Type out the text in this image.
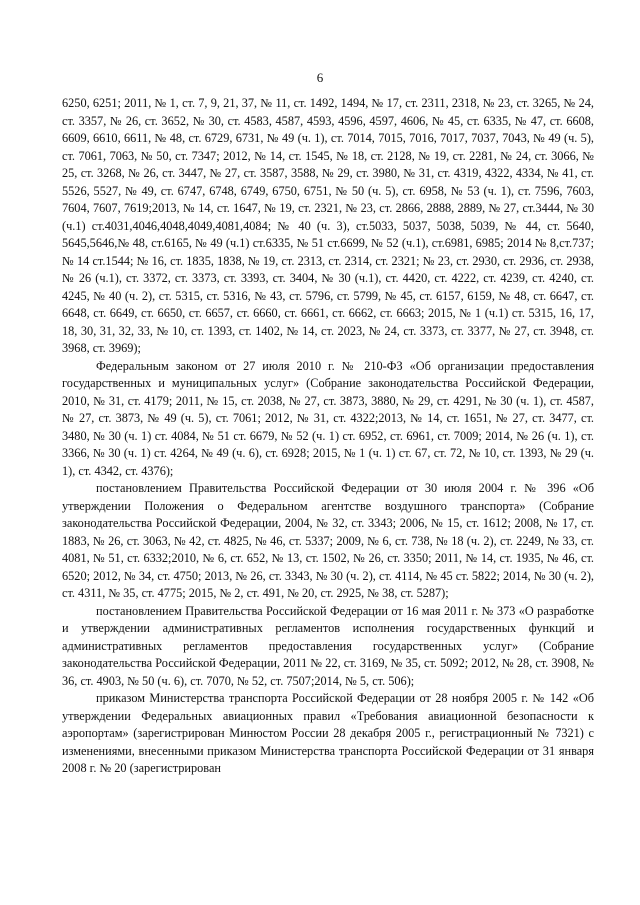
6

6250, 6251; 2011, № 1, ст. 7, 9, 21, 37, № 11, ст. 1492, 1494, № 17, ст. 2311, 2318, № 23, ст. 3265, № 24, ст. 3357, № 26, ст. 3652, № 30, ст. 4583, 4587, 4593, 4596, 4597, 4606, № 45, ст. 6335, № 47, ст. 6608, 6609, 6610, 6611, № 48, ст. 6729, 6731, № 49 (ч. 1), ст. 7014, 7015, 7016, 7017, 7037, 7043, № 49 (ч. 5), ст. 7061, 7063, № 50, ст. 7347; 2012, № 14, ст. 1545, № 18, ст. 2128, № 19, ст. 2281, № 24, ст. 3066, № 25, ст. 3268, № 26, ст. 3447, № 27, ст. 3587, 3588, № 29, ст. 3980, № 31, ст. 4319, 4322, 4334, № 41, ст. 5526, 5527, № 49, ст. 6747, 6748, 6749, 6750, 6751, № 50 (ч. 5), ст. 6958, № 53 (ч. 1), ст. 7596, 7603, 7604, 7607, 7619;2013, № 14, ст. 1647, № 19, ст. 2321, № 23, ст. 2866, 2888, 2889, № 27, ст.3444, № 30 (ч.1) ст.4031,4046,4048,4049,4081,4084; № 40 (ч. 3), ст.5033, 5037, 5038, 5039, № 44, ст. 5640, 5645,5646,№ 48, ст.6165, № 49 (ч.1) ст.6335, № 51 ст.6699, № 52 (ч.1), ст.6981, 6985; 2014 № 8,ст.737; № 14 ст.1544; № 16, ст. 1835, 1838, № 19, ст. 2313, ст. 2314, ст. 2321; № 23, ст. 2930, ст. 2936, ст. 2938, № 26 (ч.1), ст. 3372, ст. 3373, ст. 3393, ст. 3404, № 30 (ч.1), ст. 4420, ст. 4222, ст. 4239, ст. 4240, ст. 4245, № 40 (ч. 2), ст. 5315, ст. 5316, № 43, ст. 5796, ст. 5799, № 45, ст. 6157, 6159, № 48, ст. 6647, ст. 6648, ст. 6649, ст. 6650, ст. 6657, ст. 6660, ст. 6661, ст. 6662, ст. 6663; 2015, № 1 (ч.1) ст. 5315, 16, 17, 18, 30, 31, 32, 33, № 10, ст. 1393, ст. 1402, № 14, ст. 2023, № 24, ст. 3373, ст. 3377, № 27, ст. 3948, ст. 3968, ст. 3969);

Федеральным законом от 27 июля 2010 г. № 210-ФЗ «Об организации предоставления государственных и муниципальных услуг» (Собрание законодательства Российской Федерации, 2010, № 31, ст. 4179; 2011, № 15, ст. 2038, № 27, ст. 3873, 3880, № 29, ст. 4291, № 30 (ч. 1), ст. 4587, № 27, ст. 3873, № 49 (ч. 5), ст. 7061; 2012, № 31, ст. 4322;2013, № 14, ст. 1651, № 27, ст. 3477, ст. 3480, № 30 (ч. 1) ст. 4084, № 51 ст. 6679, № 52 (ч. 1) ст. 6952, ст. 6961, ст. 7009; 2014, № 26 (ч. 1), ст. 3366, № 30 (ч. 1) ст. 4264, № 49 (ч. 6), ст. 6928; 2015, № 1 (ч. 1) ст. 67, ст. 72, № 10, ст. 1393, № 29 (ч. 1), ст. 4342, ст. 4376);

постановлением Правительства Российской Федерации от 30 июля 2004 г. № 396 «Об утверждении Положения о Федеральном агентстве воздушного транспорта» (Собрание законодательства Российской Федерации, 2004, № 32, ст. 3343; 2006, № 15, ст. 1612; 2008, № 17, ст. 1883, № 26, ст. 3063, № 42, ст. 4825, № 46, ст. 5337; 2009, № 6, ст. 738, № 18 (ч. 2), ст. 2249, № 33, ст. 4081, № 51, ст. 6332;2010, № 6, ст. 652, № 13, ст. 1502, № 26, ст. 3350; 2011, № 14, ст. 1935, № 46, ст. 6520; 2012, № 34, ст. 4750; 2013, № 26, ст. 3343, № 30 (ч. 2), ст. 4114, № 45 ст. 5822; 2014, № 30 (ч. 2), ст. 4311, № 35, ст. 4775; 2015, № 2, ст. 491, № 20, ст. 2925, № 38, ст. 5287);

постановлением Правительства Российской Федерации от 16 мая 2011 г. № 373 «О разработке и утверждении административных регламентов исполнения государственных функций и административных регламентов предоставления государственных услуг» (Собрание законодательства Российской Федерации, 2011 № 22, ст. 3169, № 35, ст. 5092; 2012, № 28, ст. 3908, № 36, ст. 4903, № 50 (ч. 6), ст. 7070, № 52, ст. 7507;2014, № 5, ст. 506);

приказом Министерства транспорта Российской Федерации от 28 ноября 2005 г. № 142 «Об утверждении Федеральных авиационных правил «Требования авиационной безопасности к аэропортам» (зарегистрирован Минюстом России 28 декабря 2005 г., регистрационный № 7321) с изменениями, внесенными приказом Министерства транспорта Российской Федерации от 31 января 2008 г. № 20 (зарегистрирован
